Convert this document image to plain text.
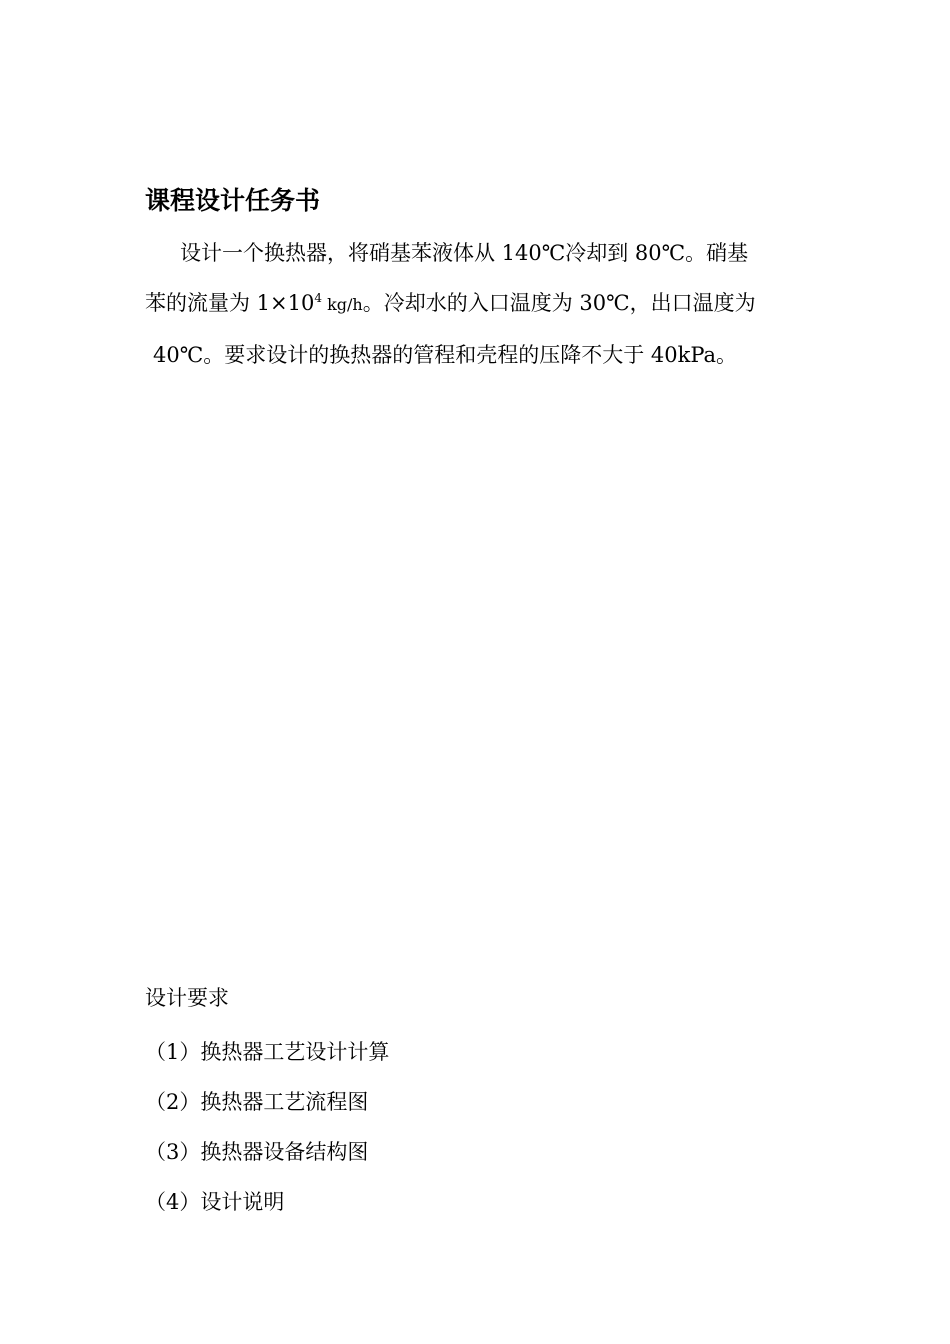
课程设计任务书
设计一个换热器，将硝基苯液体从 140℃冷却到 80℃。硝基
苯的流量为 $1\times 10^4$ kg/h。冷却水的入口温度为 30℃，出口温度为
40℃。要求设计的换热器的管程和壳程的压降不大于 40kPa。
设计要求
（1）换热器工艺设计计算
（2）换热器工艺流程图
（3）换热器设备结构图
（4）设计说明
